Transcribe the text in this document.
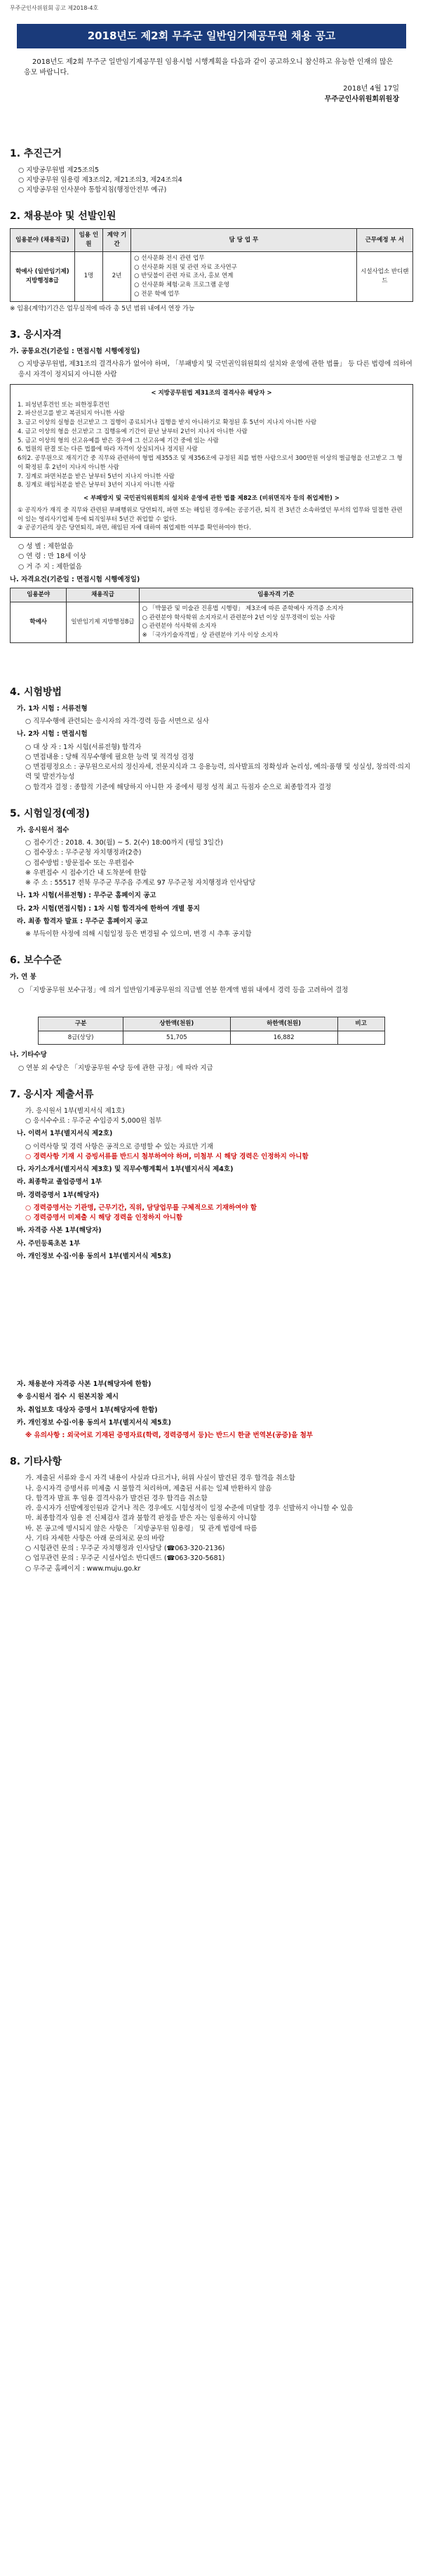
무주군인사위원회 공고 제2018-4호
2018년도 제2회 무주군 일반임기제공무원 채용 공고
2018년도 제2회 무주군 일반임기제공무원 임용시험 시행계획을 다음과 같이 공고하오니 참신하고 유능한 인재의 많은 응모 바랍니다.
2018년 4월 17일
무주군인사위원회위원장
1. 추진근거
○ 지방공무원법 제25조의5
○ 지방공무원 임용령 제3조의2, 제21조의3, 제24조의4
○ 지방공무원 인사분야 통합지침(행정안전부 예규)
2. 채용분야 및 선발인원
임용분야 (채용직급)	임용 인원	계약 기간	담 당 업 무	근무예정 부 서
학예사 (일반임기제) 지방행정8급	1명	2년	○ 선사문화 전시 관련 업무
○ 선사문화 지원 및 관련 자료 조사연구
○ 반딧불이 관련 자료 조사, 홍보 연계
○ 선사문화 체험·교육 프로그램 운영
○ 전문 학예 업무	시설사업소 반디랜드
※ 임용(계약)기간은 업무실적에 따라 총 5년 범위 내에서 연장 가능
3. 응시자격
가. 공통요건(기준일 : 면접시험 시행예정일)
○ 지방공무원법, 제31조의 결격사유가 없어야 하며, 「부패방지 및 국민권익위원회의 설치와 운영에 관한 법률」 등 다른 법령에 의하여 응시 자격이 정지되지 아니한 사람
< 지방공무원법 제31조의 결격사유 해당자 >
1. 피성년후견인 또는 피한정후견인
2. 파산선고를 받고 복권되지 아니한 사람
3. 금고 이상의 실형을 선고받고 그 집행이 종료되거나 집행을 받지 아니하기로 확정된 후 5년이 지나지 아니한 사람
4. 금고 이상의 형을 선고받고 그 집행유예 기간이 끝난 날부터 2년이 지나지 아니한 사람
5. 금고 이상의 형의 선고유예를 받은 경우에 그 선고유예 기간 중에 있는 사람
6. 법원의 판결 또는 다른 법률에 따라 자격이 상실되거나 정지된 사람
6의2. 공무원으로 재직기간 중 직무와 관련하여 형법 제355조 및 제356조에 규정된 죄를 범한 사람으로서 300만원 이상의 벌금형을 선고받고 그 형이 확정된 후 2년이 지나지 아니한 사람
7. 징계로 파면처분을 받은 날부터 5년이 지나지 아니한 사람
8. 징계로 해임처분을 받은 날부터 3년이 지나지 아니한 사람
< 부패방지 및 국민권익위원회의 설치와 운영에 관한 법률 제82조 (비위면직자 등의 취업제한) >
① 공직자가 재직 중 직무와 관련된 부패행위로 당연퇴직, 파면 또는 해임된 경우에는 공공기관, 퇴직 전 3년간 소속하였던 부서의 업무와 밀접한 관련이 있는 영리사기업체 등에 퇴직일부터 5년간 취업할 수 없다.
② 공공기관의 장은 당연퇴직, 파면, 해임된 자에 대하여 취업제한 여부를 확인하여야 한다.
○ 성 별 : 제한없음
○ 연 령 : 만 18세 이상
○ 거 주 지 : 제한없음
나. 자격요건(기준일 : 면접시험 시행예정일)
임용분야	채용직급	임용자격 기준
학예사	일반임기제 지방행정8급	○ 「박물관 및 미술관 진흥법 시행령」 제3조에 따른 준학예사 자격증 소지자
○ 관련분야 학사학위 소지자로서 관련분야 2년 이상 실무경력이 있는 사람
○ 관련분야 석사학위 소지자
※ 「국가기술자격법」상 관련분야 기사 이상 소지자
4. 시험방법
가. 1차 시험 : 서류전형
○ 직무수행에 관련되는 응시자의 자격·경력 등을 서면으로 심사
나. 2차 시험 : 면접시험
○ 대 상 자 : 1차 시험(서류전형) 합격자
○ 면접내용 : 당해 직무수행에 필요한 능력 및 적격성 검정
○ 면접평정요소 : 공무원으로서의 정신자세, 전문지식과 그 응용능력, 의사발표의 정확성과 논리성, 예의·품행 및 성실성, 창의력·의지력 및 발전가능성
○ 합격자 결정 : 종합적 기준에 해당하지 아니한 자 중에서 평정 성적 최고 득점자 순으로 최종합격자 결정
5. 시험일정(예정)
가. 응시원서 접수
○ 접수기간 : 2018. 4. 30(월) ~ 5. 2(수) 18:00까지 (평일 3일간)
○ 접수장소 : 무주군청 자치행정과(2층)
○ 접수방법 : 방문접수 또는 우편접수
※ 우편접수 시 접수기간 내 도착분에 한함
※ 주 소 : 55517 전북 무주군 무주읍 주계로 97 무주군청 자치행정과 인사담당
나. 1차 시험(서류전형) : 무주군 홈페이지 공고
다. 2차 시험(면접시험) : 1차 시험 합격자에 한하여 개별 통지
라. 최종 합격자 발표 : 무주군 홈페이지 공고
※ 부득이한 사정에 의해 시험일정 등은 변경될 수 있으며, 변경 시 추후 공지함
6. 보수수준
가. 연 봉
○ 「지방공무원 보수규정」에 의거 일반임기제공무원의 직급별 연봉 한계액 범위 내에서 경력 등을 고려하여 결정
구분	상한액(천원)	하한액(천원)	비고
8급(상당)	51,705	16,882	
나. 기타수당
○ 연봉 외 수당은 「지방공무원 수당 등에 관한 규정」에 따라 지급
7. 응시자 제출서류
가. 응시원서 1부(별지서식 제1호)
○ 응시수수료 : 무주군 수입증지 5,000원 첩부
나. 이력서 1부(별지서식 제2호)
○ 이력사항 및 경력 사항은 공적으로 증명할 수 있는 자료만 기재
○ 경력사항 기재 시 증빙서류를 반드시 첨부하여야 하며, 미첨부 시 해당 경력은 인정하지 아니함
다. 자기소개서(별지서식 제3호) 및 직무수행계획서 1부(별지서식 제4호)
라. 최종학교 졸업증명서 1부
마. 경력증명서 1부(해당자)
○ 경력증명서는 기관명, 근무기간, 직위, 담당업무를 구체적으로 기재하여야 함
○ 경력증명서 미제출 시 해당 경력을 인정하지 아니함
바. 자격증 사본 1부(해당자)
사. 주민등록초본 1부
아. 개인정보 수집·이용 동의서 1부(별지서식 제5호)
자. 채용분야 자격증 사본 1부(해당자에 한함)
※ 응시원서 접수 시 원본지참 제시
차. 취업보호 대상자 증명서 1부(해당자에 한함)
카. 개인정보 수집·이용 동의서 1부(별지서식 제5호)
※ 유의사항 : 외국어로 기재된 증명자료(학력, 경력증명서 등)는 반드시 한글 번역본(공증)을 첨부
8. 기타사항
가. 제출된 서류와 응시 자격 내용이 사실과 다르거나, 허위 사실이 발견된 경우 합격을 취소함
나. 응시자격 증명서류 미제출 시 불합격 처리하며, 제출된 서류는 일체 반환하지 않음
다. 합격자 발표 후 임용 결격사유가 발견된 경우 합격을 취소함
라. 응시자가 선발예정인원과 같거나 적은 경우에도 시험성적이 일정 수준에 미달할 경우 선발하지 아니할 수 있음
마. 최종합격자 임용 전 신체검사 결과 불합격 판정을 받은 자는 임용하지 아니함
바. 본 공고에 명시되지 않은 사항은 「지방공무원 임용령」 및 관계 법령에 따름
사. 기타 자세한 사항은 아래 문의처로 문의 바람
○ 시험관련 문의 : 무주군 자치행정과 인사담당 (☎063-320-2136)
○ 업무관련 문의 : 무주군 시설사업소 반디랜드 (☎063-320-5681)
○ 무주군 홈페이지 : www.muju.go.kr
